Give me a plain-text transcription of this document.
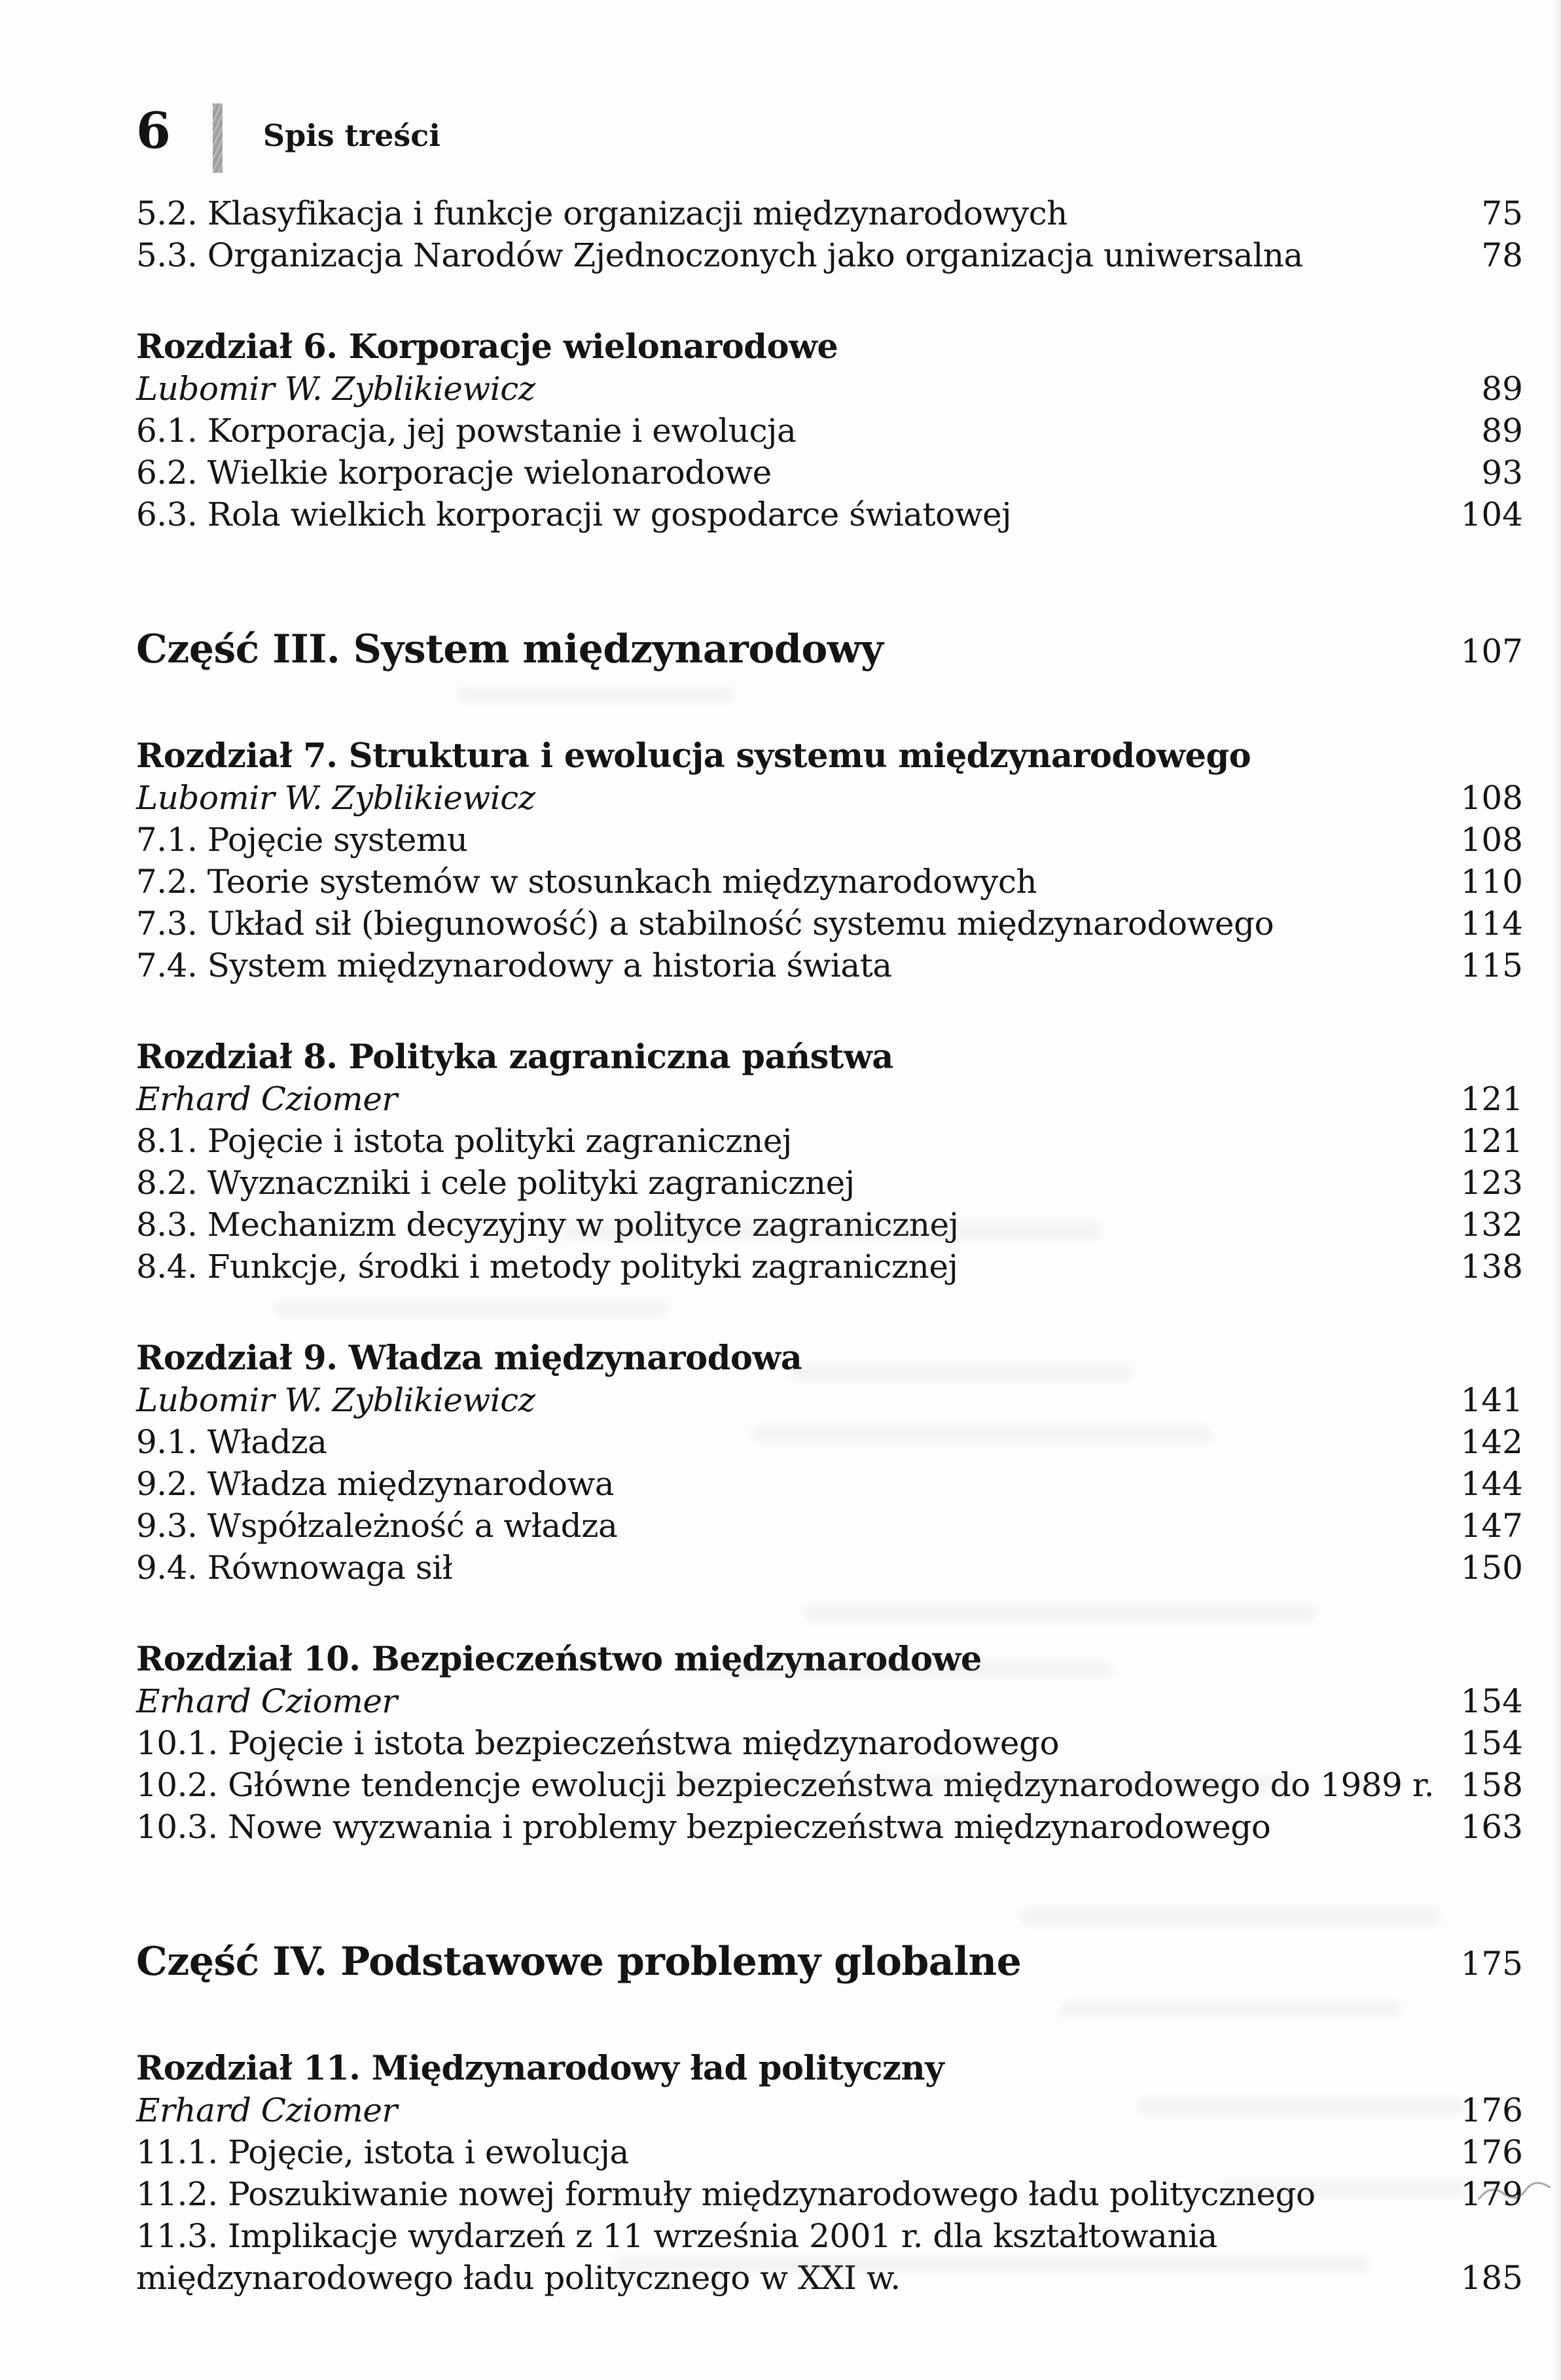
6	Spis treści
5.2. Klasyfikacja i funkcje organizacji międzynarodowych	75
5.3. Organizacja Narodów Zjednoczonych jako organizacja uniwersalna	78
Rozdział 6. Korporacje wielonarodowe
Lubomir W. Zyblikiewicz	89
6.1. Korporacja, jej powstanie i ewolucja	89
6.2. Wielkie korporacje wielonarodowe	93
6.3. Rola wielkich korporacji w gospodarce światowej	104
Część III. System międzynarodowy	107
Rozdział 7. Struktura i ewolucja systemu międzynarodowego
Lubomir W. Zyblikiewicz	108
7.1. Pojęcie systemu	108
7.2. Teorie systemów w stosunkach międzynarodowych	110
7.3. Układ sił (biegunowość) a stabilność systemu międzynarodowego	114
7.4. System międzynarodowy a historia świata	115
Rozdział 8. Polityka zagraniczna państwa
Erhard Cziomer	121
8.1. Pojęcie i istota polityki zagranicznej	121
8.2. Wyznaczniki i cele polityki zagranicznej	123
8.3. Mechanizm decyzyjny w polityce zagranicznej	132
8.4. Funkcje, środki i metody polityki zagranicznej	138
Rozdział 9. Władza międzynarodowa
Lubomir W. Zyblikiewicz	141
9.1. Władza	142
9.2. Władza międzynarodowa	144
9.3. Współzależność a władza	147
9.4. Równowaga sił	150
Rozdział 10. Bezpieczeństwo międzynarodowe
Erhard Cziomer	154
10.1. Pojęcie i istota bezpieczeństwa międzynarodowego	154
10.2. Główne tendencje ewolucji bezpieczeństwa międzynarodowego do 1989 r. 158
10.3. Nowe wyzwania i problemy bezpieczeństwa międzynarodowego	163
Część IV. Podstawowe problemy globalne	175
Rozdział 11. Międzynarodowy ład polityczny
Erhard Cziomer	176
11.1. Pojęcie, istota i ewolucja	176
11.2. Poszukiwanie nowej formuły międzynarodowego ładu politycznego	179
11.3. Implikacje wydarzeń z 11 września 2001 r. dla kształtowania
międzynarodowego ładu politycznego w XXI w.	185
